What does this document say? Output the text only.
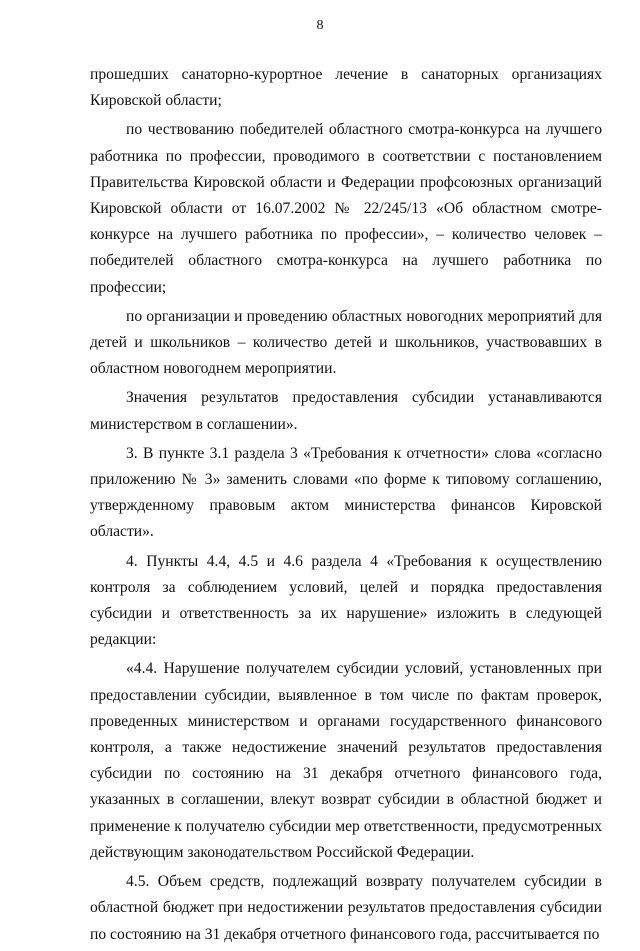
8

прошедших санаторно-курортное лечение в санаторных организациях Кировской области;

по чествованию победителей областного смотра-конкурса на лучшего работника по профессии, проводимого в соответствии с постановлением Правительства Кировской области и Федерации профсоюзных организаций Кировской области от 16.07.2002 № 22/245/13 «Об областном смотре-конкурсе на лучшего работника по профессии», – количество человек – победителей областного смотра-конкурса на лучшего работника по профессии;

по организации и проведению областных новогодних мероприятий для детей и школьников – количество детей и школьников, участвовавших в областном новогоднем мероприятии.

Значения результатов предоставления субсидии устанавливаются министерством в соглашении».

3. В пункте 3.1 раздела 3 «Требования к отчетности» слова «согласно приложению № 3» заменить словами «по форме к типовому соглашению, утвержденному правовым актом министерства финансов Кировской области».

4. Пункты 4.4, 4.5 и 4.6 раздела 4 «Требования к осуществлению контроля за соблюдением условий, целей и порядка предоставления субсидии и ответственность за их нарушение» изложить в следующей редакции:

«4.4. Нарушение получателем субсидии условий, установленных при предоставлении субсидии, выявленное в том числе по фактам проверок, проведенных министерством и органами государственного финансового контроля, а также недостижение значений результатов предоставления субсидии по состоянию на 31 декабря отчетного финансового года, указанных в соглашении, влекут возврат субсидии в областной бюджет и применение к получателю субсидии мер ответственности, предусмотренных действующим законодательством Российской Федерации.

4.5. Объем средств, подлежащий возврату получателем субсидии в областной бюджет при недостижении результатов предоставления субсидии по состоянию на 31 декабря отчетного финансового года, рассчитывается по
